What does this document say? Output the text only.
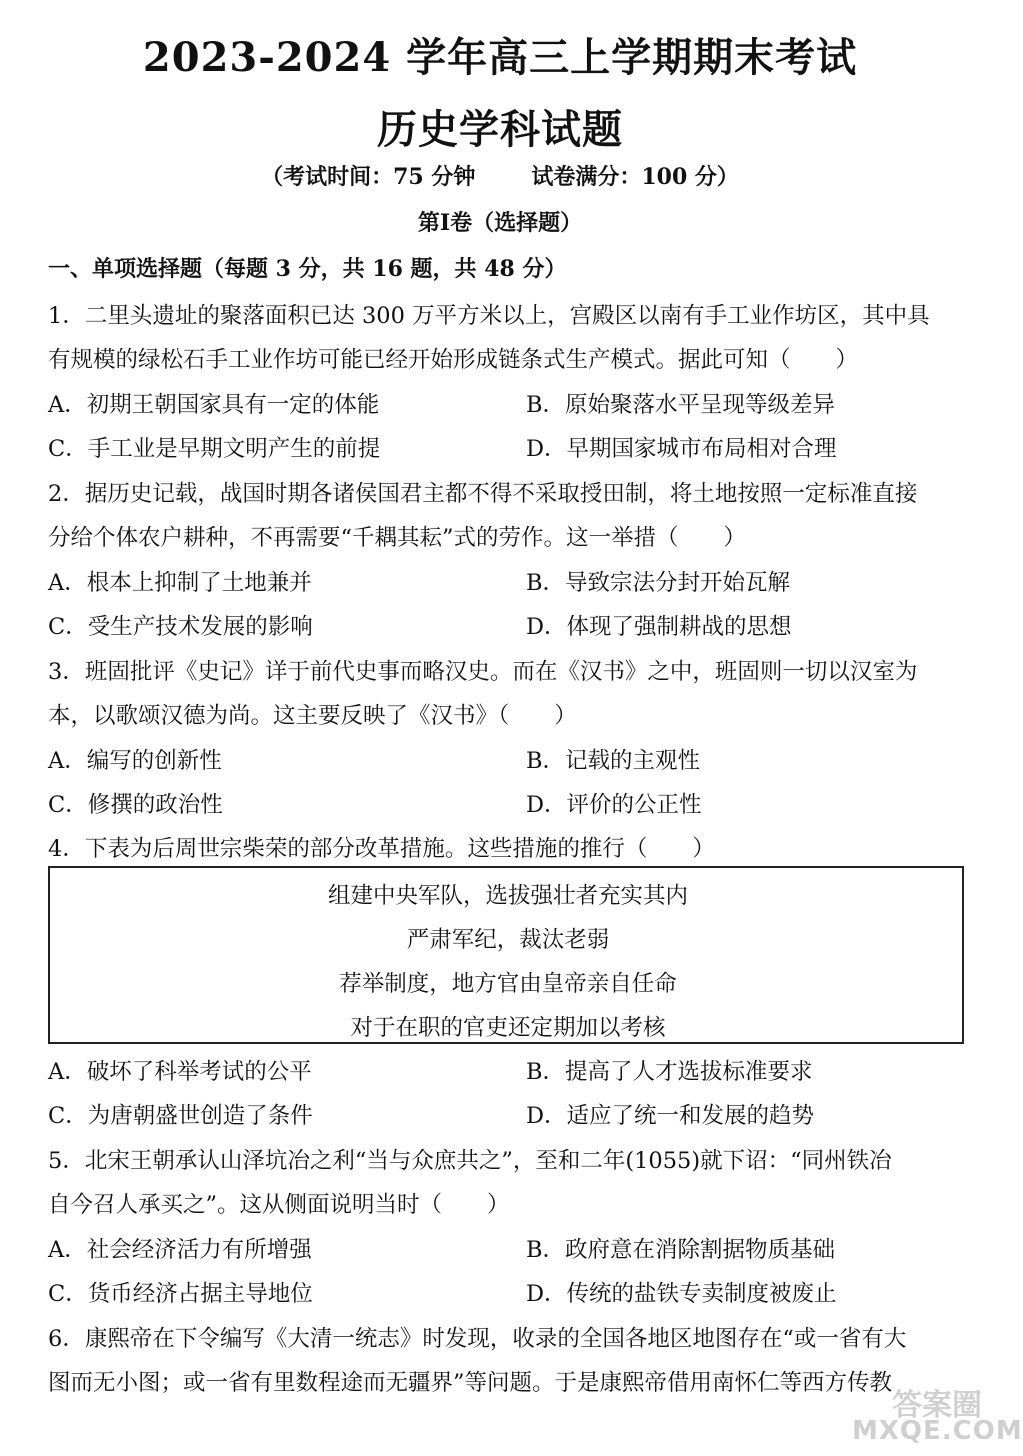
2023-2024 学年高三上学期期末考试
历史学科试题
（考试时间：75 分钟	试卷满分：100 分）
第Ⅰ卷（选择题）
一、单项选择题（每题 3 分，共 16 题，共 48 分）
1．二里头遗址的聚落面积已达 300 万平方米以上，宫殿区以南有手工业作坊区，其中具
有规模的绿松石手工业作坊可能已经开始形成链条式生产模式。据此可知（　　）
A．初期王朝国家具有一定的体能	B．原始聚落水平呈现等级差异
C．手工业是早期文明产生的前提	D．早期国家城市布局相对合理
2．据历史记载，战国时期各诸侯国君主都不得不采取授田制，将土地按照一定标准直接
分给个体农户耕种，不再需要“千耦其耘”式的劳作。这一举措（　　）
A．根本上抑制了土地兼并	B．导致宗法分封开始瓦解
C．受生产技术发展的影响	D．体现了强制耕战的思想
3．班固批评《史记》详于前代史事而略汉史。而在《汉书》之中，班固则一切以汉室为
本，以歌颂汉德为尚。这主要反映了《汉书》（　　）
A．编写的创新性	B．记载的主观性
C．修撰的政治性	D．评价的公正性
4．下表为后周世宗柴荣的部分改革措施。这些措施的推行（　　）
组建中央军队，选拔强壮者充实其内
严肃军纪，裁汰老弱
荐举制度，地方官由皇帝亲自任命
对于在职的官吏还定期加以考核
A．破坏了科举考试的公平	B．提高了人才选拔标准要求
C．为唐朝盛世创造了条件	D．适应了统一和发展的趋势
5．北宋王朝承认山泽坑冶之利“当与众庶共之”，至和二年(1055)就下诏：“同州铁冶
自今召人承买之”。这从侧面说明当时（　　）
A．社会经济活力有所增强	B．政府意在消除割据物质基础
C．货币经济占据主导地位	D．传统的盐铁专卖制度被废止
6．康熙帝在下令编写《大清一统志》时发现，收录的全国各地区地图存在“或一省有大
图而无小图；或一省有里数程途而无疆界”等问题。于是康熙帝借用南怀仁等西方传教
答案圈
MXQE.COM
